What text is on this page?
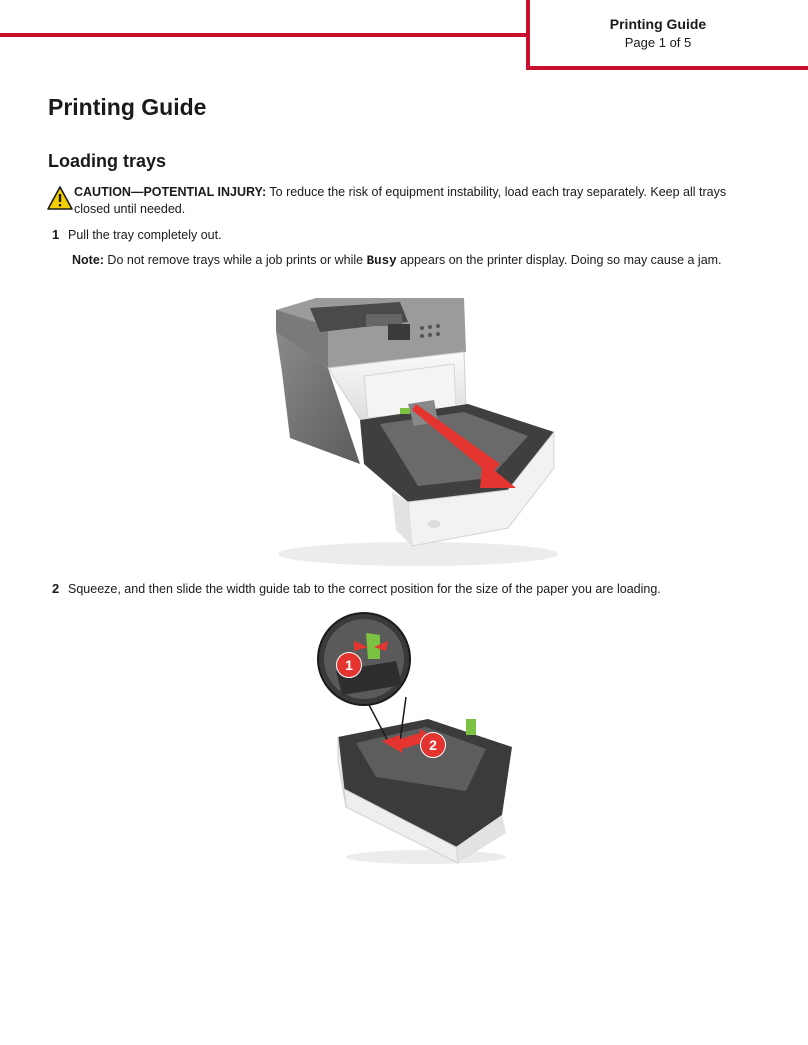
Printing Guide
Page 1 of 5
Printing Guide
Loading trays
CAUTION—POTENTIAL INJURY: To reduce the risk of equipment instability, load each tray separately. Keep all trays closed until needed.
1 Pull the tray completely out.
Note: Do not remove trays while a job prints or while Busy appears on the printer display. Doing so may cause a jam.
2 Squeeze, and then slide the width guide tab to the correct position for the size of the paper you are loading.
1
2
